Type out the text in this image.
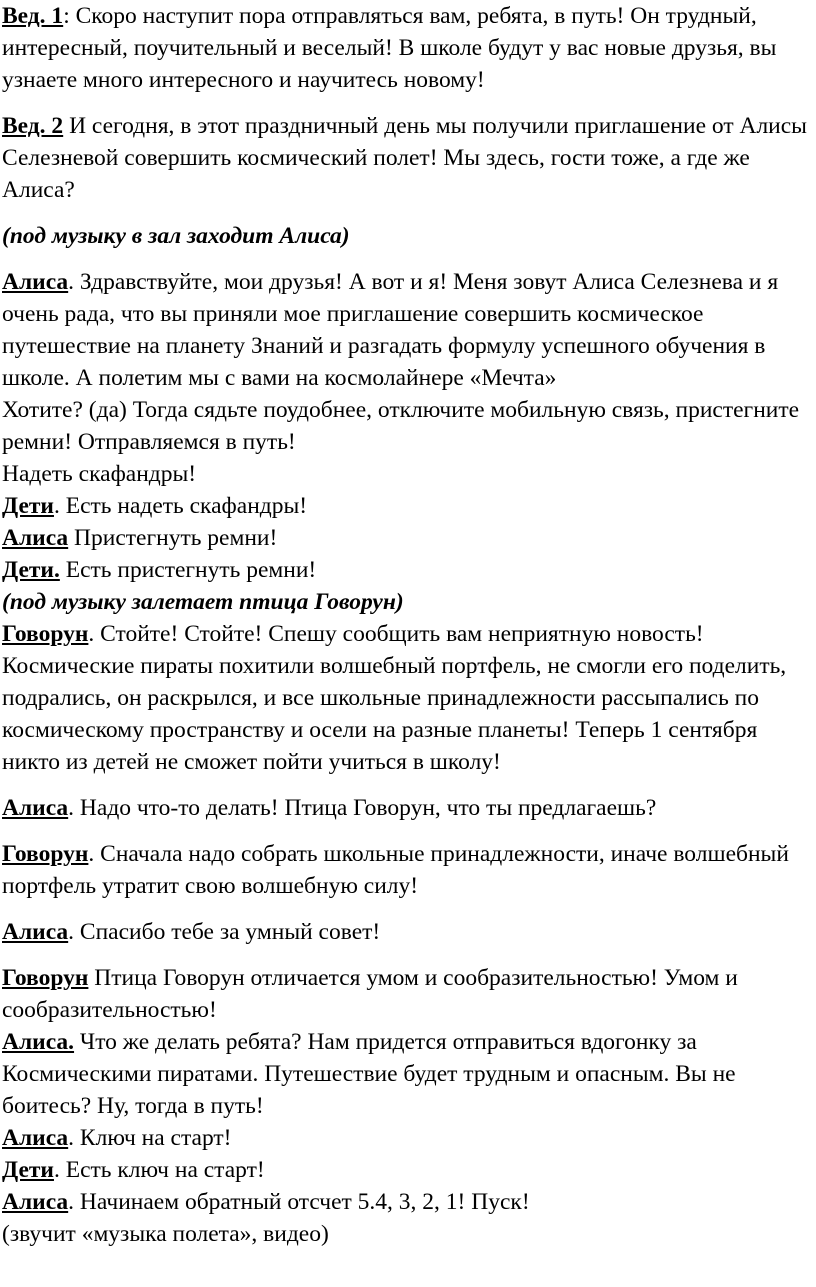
Вед. 1: Скоро наступит пора отправляться вам, ребята, в путь! Он трудный, интересный, поучительный и веселый! В школе будут у вас новые друзья, вы узнаете много интересного и научитесь новому!

Вед. 2 И сегодня, в этот праздничный день мы получили приглашение от Алисы Селезневой совершить космический полет! Мы здесь, гости тоже, а где же Алиса?

(под музыку в зал заходит Алиса)

Алиса. Здравствуйте, мои друзья! А вот и я! Меня зовут Алиса Селезнева и я очень рада, что вы приняли мое приглашение совершить космическое путешествие на планету Знаний и разгадать формулу успешного обучения в школе. А полетим мы с вами на космолайнере «Мечта»

Хотите? (да) Тогда сядьте поудобнее, отключите мобильную связь, пристегните ремни! Отправляемся в путь!

Надеть скафандры!

Дети. Есть надеть скафандры!

Алиса Пристегнуть ремни!

Дети. Есть пристегнуть ремни!

(под музыку залетает птица Говорун)

Говорун. Стойте! Стойте! Спешу сообщить вам неприятную новость! Космические пираты похитили волшебный портфель, не смогли его поделить, подрались, он раскрылся, и все школьные принадлежности рассыпались по космическому пространству и осели на разные планеты! Теперь 1 сентября никто из детей не сможет пойти учиться в школу!

Алиса. Надо что-то делать! Птица Говорун, что ты предлагаешь?

Говорун. Сначала надо собрать школьные принадлежности, иначе волшебный портфель утратит свою волшебную силу!

Алиса. Спасибо тебе за умный совет!

Говорун Птица Говорун отличается умом и сообразительностью! Умом и сообразительностью!

Алиса. Что же делать ребята? Нам придется отправиться вдогонку за Космическими пиратами. Путешествие будет трудным и опасным. Вы не боитесь? Ну, тогда в путь!

Алиса. Ключ на старт!

Дети. Есть ключ на старт!

Алиса. Начинаем обратный отсчет 5.4, 3, 2, 1! Пуск!

(звучит «музыка полета», видео)
